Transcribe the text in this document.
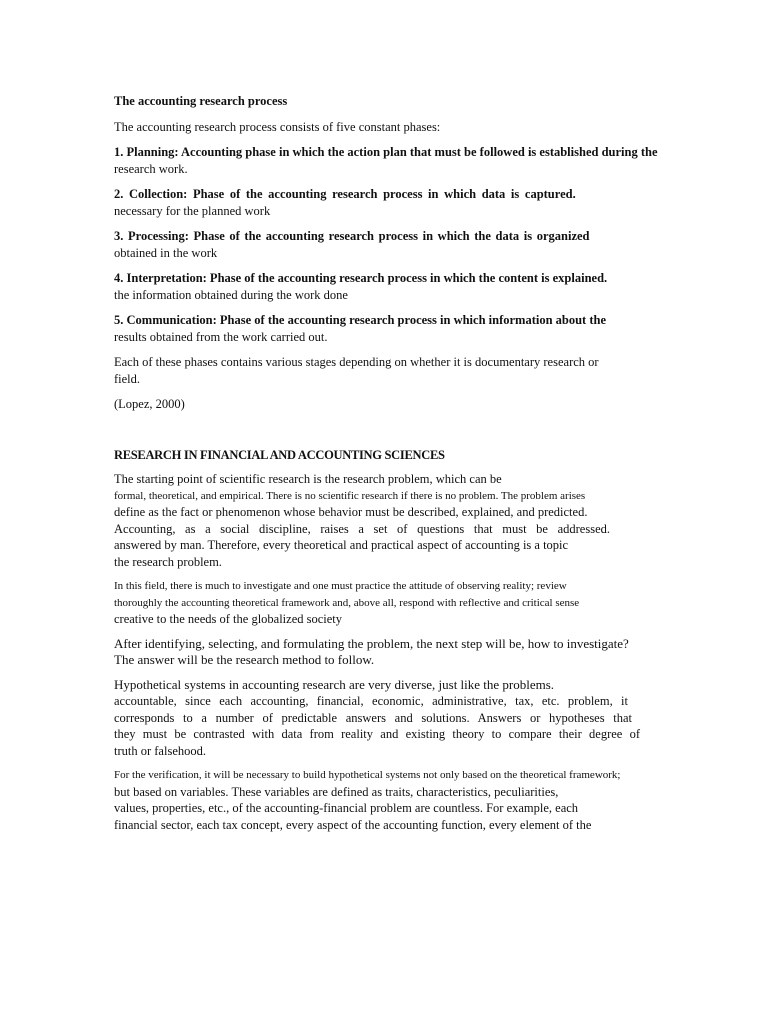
The accounting research process
The accounting research process consists of five constant phases:
1. Planning: Accounting phase in which the action plan that must be followed is established during the
research work.
2. Collection: Phase of the accounting research process in which data is captured.
necessary for the planned work
3. Processing: Phase of the accounting research process in which the data is organized
obtained in the work
4. Interpretation: Phase of the accounting research process in which the content is explained.
the information obtained during the work done
5. Communication: Phase of the accounting research process in which information about the
results obtained from the work carried out.
Each of these phases contains various stages depending on whether it is documentary research or
field.
(Lopez, 2000)
RESEARCH IN FINANCIAL AND ACCOUNTING SCIENCES
The starting point of scientific research is the research problem, which can be
formal, theoretical, and empirical. There is no scientific research if there is no problem. The problem arises
define as the fact or phenomenon whose behavior must be described, explained, and predicted.
Accounting, as a social discipline, raises a set of questions that must be addressed.
answered by man. Therefore, every theoretical and practical aspect of accounting is a topic
the research problem.
In this field, there is much to investigate and one must practice the attitude of observing reality; review
thoroughly the accounting theoretical framework and, above all, respond with reflective and critical sense
creative to the needs of the globalized society
After identifying, selecting, and formulating the problem, the next step will be, how to investigate?
The answer will be the research method to follow.
Hypothetical systems in accounting research are very diverse, just like the problems.
accountable, since each accounting, financial, economic, administrative, tax, etc. problem, it
corresponds to a number of predictable answers and solutions. Answers or hypotheses that
they must be contrasted with data from reality and existing theory to compare their degree of
truth or falsehood.
For the verification, it will be necessary to build hypothetical systems not only based on the theoretical framework;
but based on variables. These variables are defined as traits, characteristics, peculiarities,
values, properties, etc., of the accounting-financial problem are countless. For example, each
financial sector, each tax concept, every aspect of the accounting function, every element of the
